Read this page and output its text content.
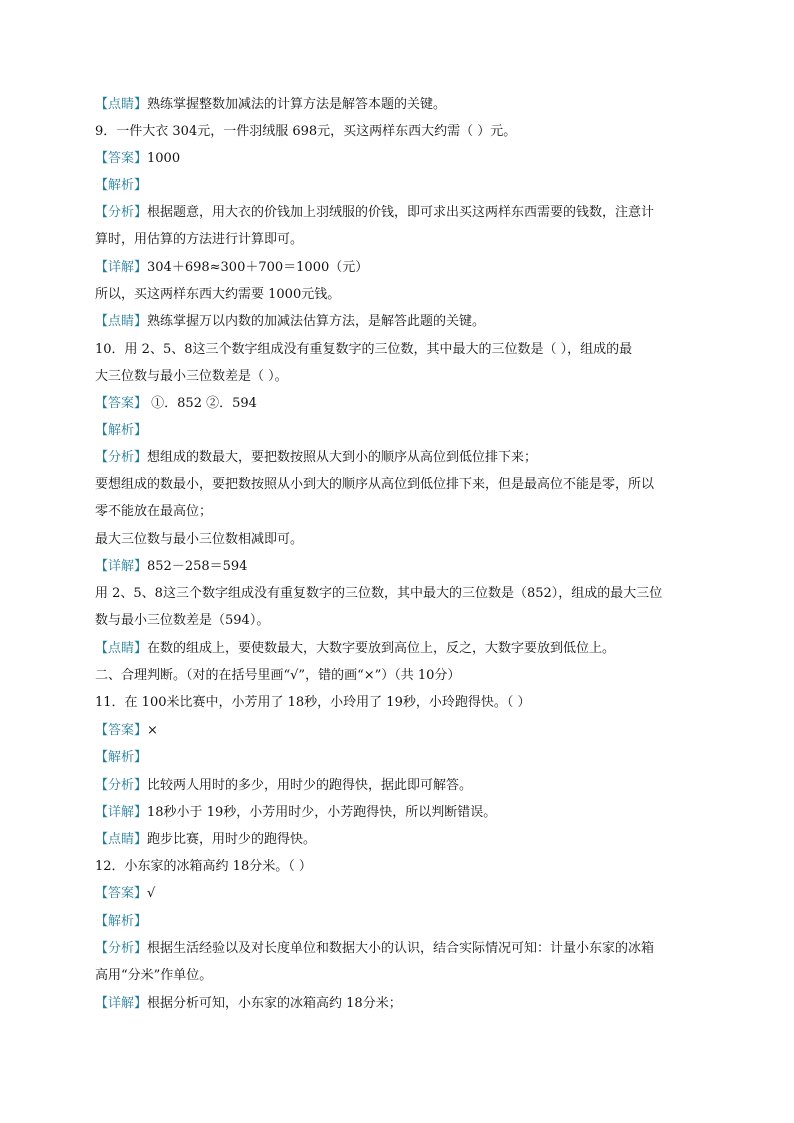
【点睛】熟练掌握整数加减法的计算方法是解答本题的关键。
9．一件大衣 304元，一件羽绒服 698元，买这两样东西大约需（ ）元。
【答案】1000
【解析】
【分析】根据题意，用大衣的价钱加上羽绒服的价钱，即可求出买这两样东西需要的钱数，注意计
算时，用估算的方法进行计算即可。
【详解】304＋698≈300＋700＝1000（元）
所以，买这两样东西大约需要 1000元钱。
【点睛】熟练掌握万以内数的加减法估算方法，是解答此题的关键。
10．用 2、5、8这三个数字组成没有重复数字的三位数，其中最大的三位数是（ ），组成的最
大三位数与最小三位数差是（ ）。
【答案】 ①．852 ②．594
【解析】
【分析】想组成的数最大，要把数按照从大到小的顺序从高位到低位排下来；
要想组成的数最小，要把数按照从小到大的顺序从高位到低位排下来，但是最高位不能是零，所以
零不能放在最高位；
最大三位数与最小三位数相减即可。
【详解】852－258＝594
用 2、5、8这三个数字组成没有重复数字的三位数，其中最大的三位数是（852），组成的最大三位
数与最小三位数差是（594）。
【点睛】在数的组成上，要使数最大，大数字要放到高位上，反之，大数字要放到低位上。
二、合理判断。（对的在括号里画“√”，错的画“×”）（共 10分）
11．在 100米比赛中，小芳用了 18秒，小玲用了 19秒，小玲跑得快。（ ）
【答案】×
【解析】
【分析】比较两人用时的多少，用时少的跑得快，据此即可解答。
【详解】18秒小于 19秒，小芳用时少，小芳跑得快，所以判断错误。
【点睛】跑步比赛，用时少的跑得快。
12．小东家的冰箱高约 18分米。（ ）
【答案】√
【解析】
【分析】根据生活经验以及对长度单位和数据大小的认识，结合实际情况可知：计量小东家的冰箱
高用“分米”作单位。
【详解】根据分析可知，小东家的冰箱高约 18分米；
